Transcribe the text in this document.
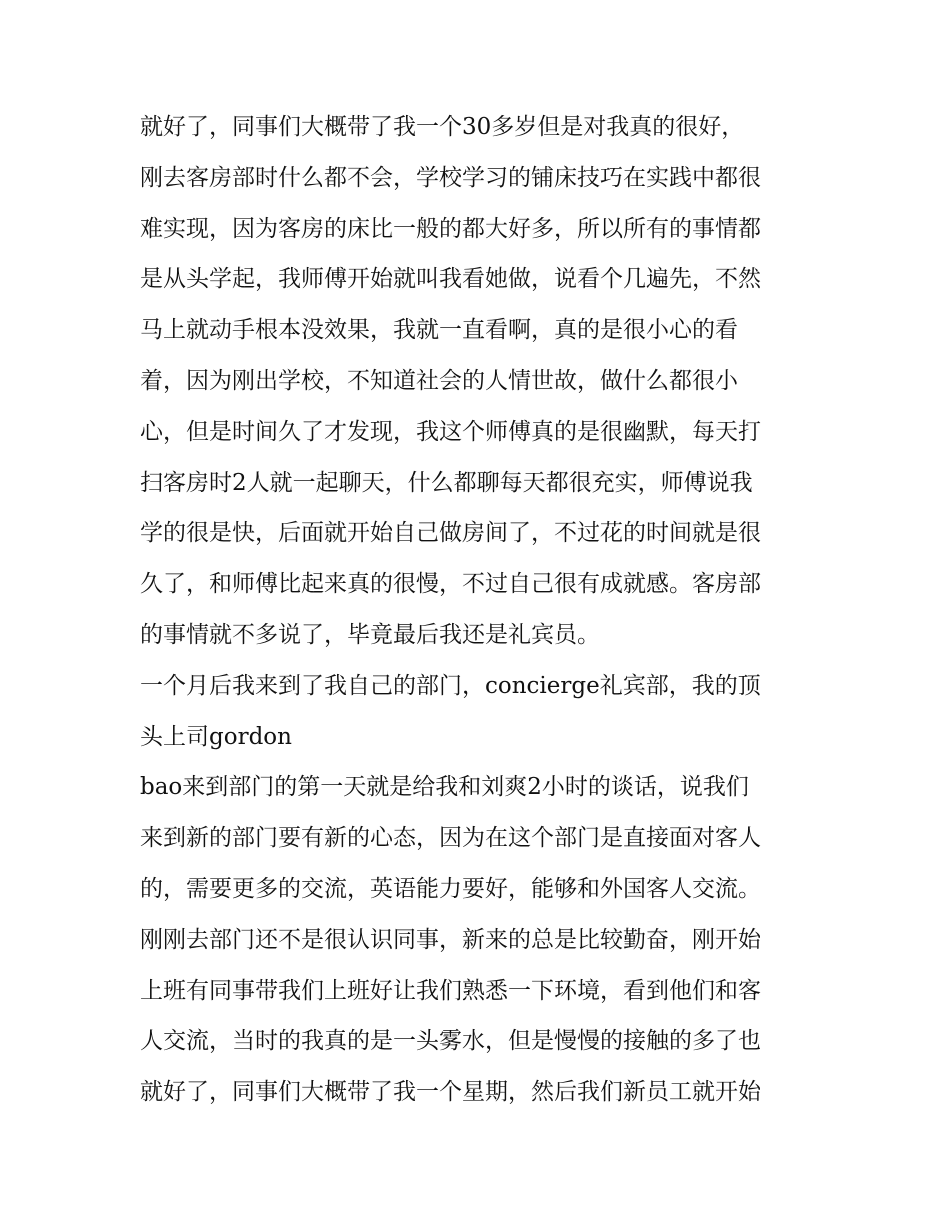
就好了，同事们大概带了我一个30多岁但是对我真的很好，
刚去客房部时什么都不会，学校学习的铺床技巧在实践中都很
难实现，因为客房的床比一般的都大好多，所以所有的事情都
是从头学起，我师傅开始就叫我看她做，说看个几遍先，不然
马上就动手根本没效果，我就一直看啊，真的是很小心的看
着，因为刚出学校，不知道社会的人情世故，做什么都很小
心，但是时间久了才发现，我这个师傅真的是很幽默，每天打
扫客房时2人就一起聊天，什么都聊每天都很充实，师傅说我
学的很是快，后面就开始自己做房间了，不过花的时间就是很
久了，和师傅比起来真的很慢，不过自己很有成就感。客房部
的事情就不多说了，毕竟最后我还是礼宾员。
一个月后我来到了我自己的部门，concierge礼宾部，我的顶
头上司gordon
bao来到部门的第一天就是给我和刘爽2小时的谈话，说我们
来到新的部门要有新的心态，因为在这个部门是直接面对客人
的，需要更多的交流，英语能力要好，能够和外国客人交流。
刚刚去部门还不是很认识同事，新来的总是比较勤奋，刚开始
上班有同事带我们上班好让我们熟悉一下环境，看到他们和客
人交流，当时的我真的是一头雾水，但是慢慢的接触的多了也
就好了，同事们大概带了我一个星期，然后我们新员工就开始
